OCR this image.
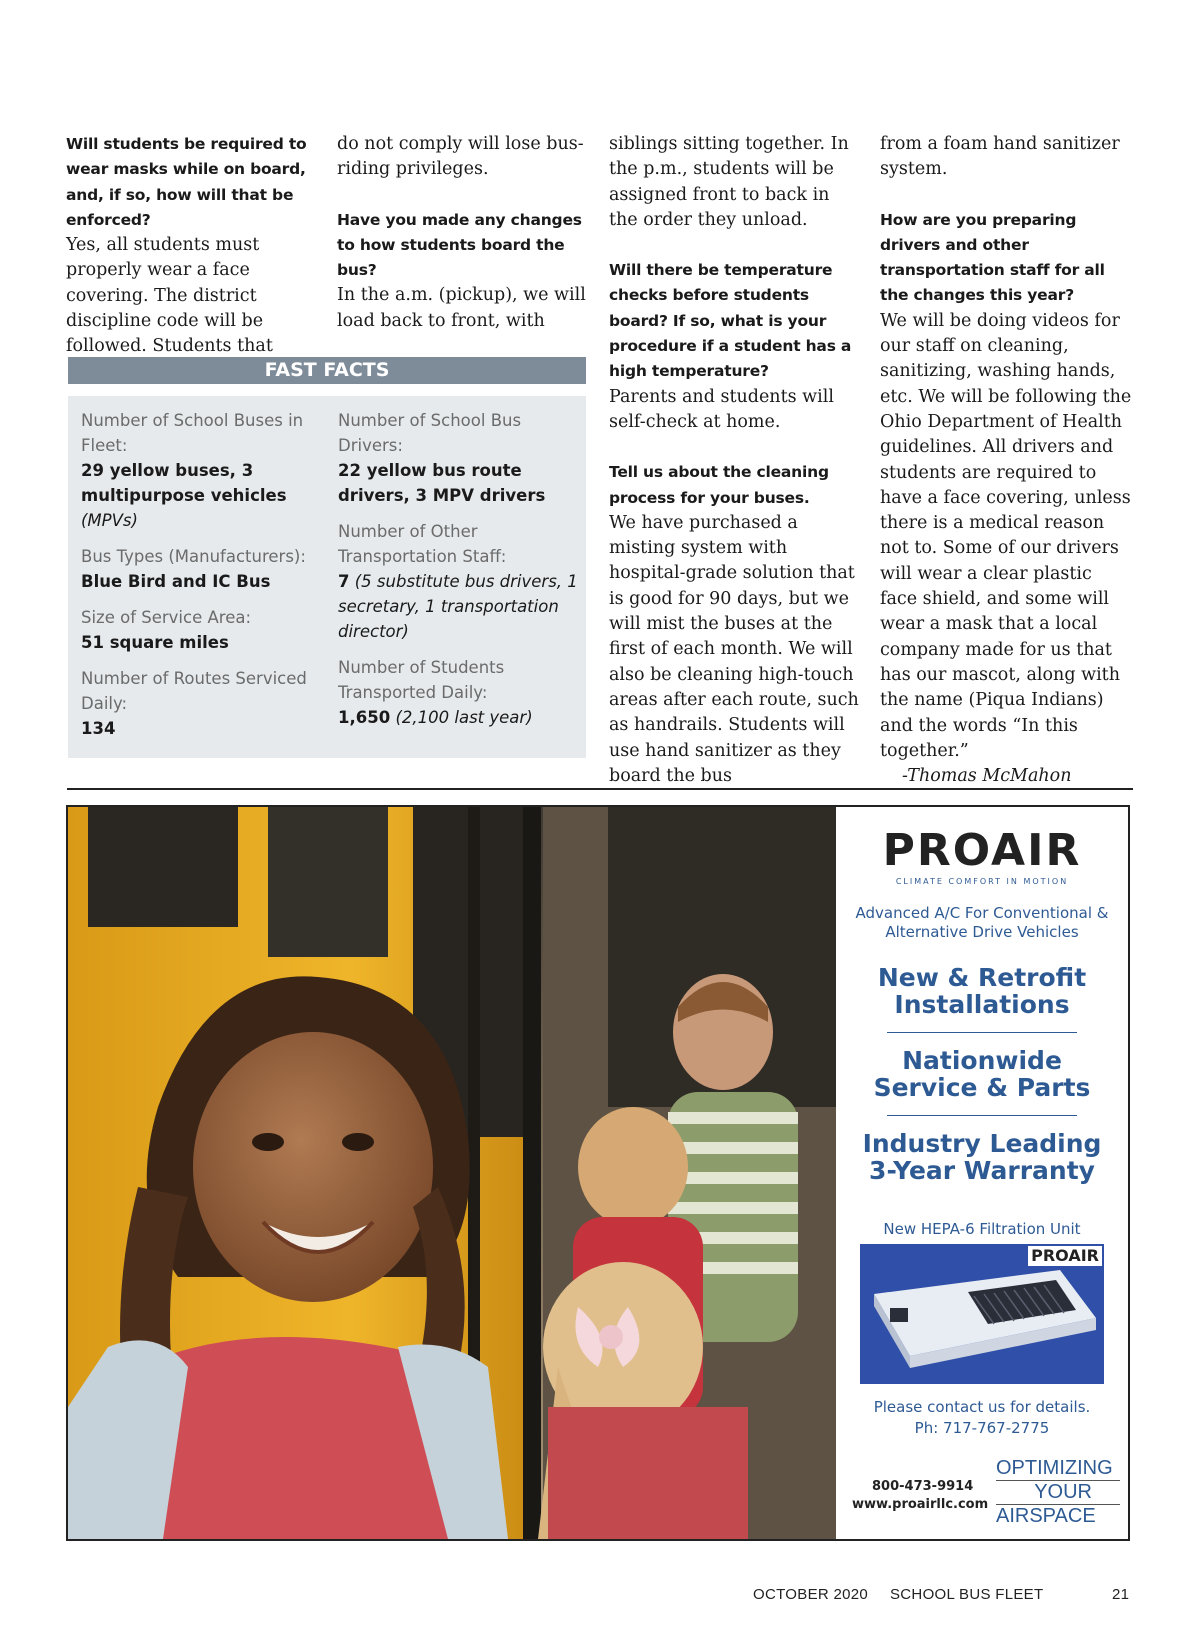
Will students be required to wear masks while on board, and, if so, how will that be enforced?

Yes, all students must properly wear a face covering. The district discipline code will be followed. Students that

do not comply will lose bus-riding privileges.

Have you made any changes to how students board the bus?

In the a.m. (pickup), we will load back to front, with

siblings sitting together. In the p.m., students will be assigned front to back in the order they unload.

Will there be temperature checks before students board? If so, what is your procedure if a student has a high temperature?

Parents and students will self-check at home.

Tell us about the cleaning process for your buses.

We have purchased a misting system with hospital-grade solution that is good for 90 days, but we will mist the buses at the first of each month. We will also be cleaning high-touch areas after each route, such as handrails. Students will use hand sanitizer as they board the bus

from a foam hand sanitizer system.

How are you preparing drivers and other transportation staff for all the changes this year?

We will be doing videos for our staff on cleaning, sanitizing, washing hands, etc. We will be following the Ohio Department of Health guidelines. All drivers and students are required to have a face covering, unless there is a medical reason not to. Some of our drivers will wear a clear plastic face shield, and some will wear a mask that a local company made for us that has our mascot, along with the name (Piqua Indians) and the words “In this together.”

-Thomas McMahon

FAST FACTS
Number of School Buses in Fleet:
29 yellow buses, 3 multipurpose vehicles
(MPVs)
Bus Types (Manufacturers):
Blue Bird and IC Bus
Size of Service Area:
51 square miles
Number of Routes Serviced Daily:
134
Number of School Bus Drivers:
22 yellow bus route drivers, 3 MPV drivers
Number of Other Transportation Staff:
7 (5 substitute bus drivers, 1 secretary, 1 transportation director)
Number of Students Transported Daily:
1,650 (2,100 last year)
PROAIR
CLIMATE COMFORT IN MOTION
Advanced A/C For Conventional & Alternative Drive Vehicles
New & Retrofit Installations
Nationwide Service & Parts
Industry Leading 3-Year Warranty
New HEPA-6 Filtration Unit
PROAIR
Please contact us for details.
Ph: 717-767-2775
800-473-9914
www.proairllc.com
OPTIMIZING
YOUR
AIRSPACE
OCTOBER 2020 SCHOOL BUS FLEET	21
